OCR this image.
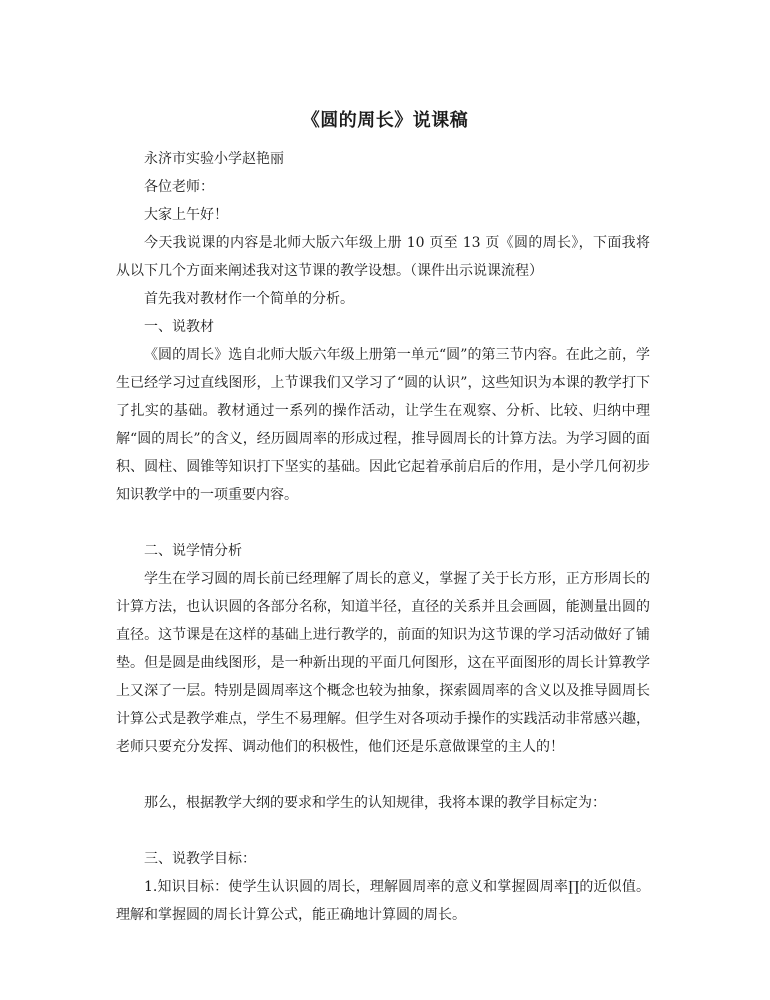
《圆的周长》说课稿

永济市实验小学赵艳丽

各位老师：

大家上午好！

今天我说课的内容是北师大版六年级上册 10 页至 13 页《圆的周长》，下面我将从以下几个方面来阐述我对这节课的教学设想。（课件出示说课流程）

首先我对教材作一个简单的分析。

一、说教材

《圆的周长》选自北师大版六年级上册第一单元“圆”的第三节内容。在此之前，学生已经学习过直线图形，上节课我们又学习了“圆的认识”，这些知识为本课的教学打下了扎实的基础。教材通过一系列的操作活动，让学生在观察、分析、比较、归纳中理解“圆的周长”的含义，经历圆周率的形成过程，推导圆周长的计算方法。为学习圆的面积、圆柱、圆锥等知识打下坚实的基础。因此它起着承前启后的作用，是小学几何初步知识教学中的一项重要内容。

二、说学情分析

学生在学习圆的周长前已经理解了周长的意义，掌握了关于长方形，正方形周长的计算方法，也认识圆的各部分名称，知道半径，直径的关系并且会画圆，能测量出圆的直径。这节课是在这样的基础上进行教学的，前面的知识为这节课的学习活动做好了铺垫。但是圆是曲线图形，是一种新出现的平面几何图形，这在平面图形的周长计算教学上又深了一层。特别是圆周率这个概念也较为抽象，探索圆周率的含义以及推导圆周长计算公式是教学难点，学生不易理解。但学生对各项动手操作的实践活动非常感兴趣，老师只要充分发挥、调动他们的积极性，他们还是乐意做课堂的主人的！

那么，根据教学大纲的要求和学生的认知规律，我将本课的教学目标定为：

三、说教学目标：

1.知识目标：使学生认识圆的周长，理解圆周率的意义和掌握圆周率∏的近似值。理解和掌握圆的周长计算公式，能正确地计算圆的周长。
